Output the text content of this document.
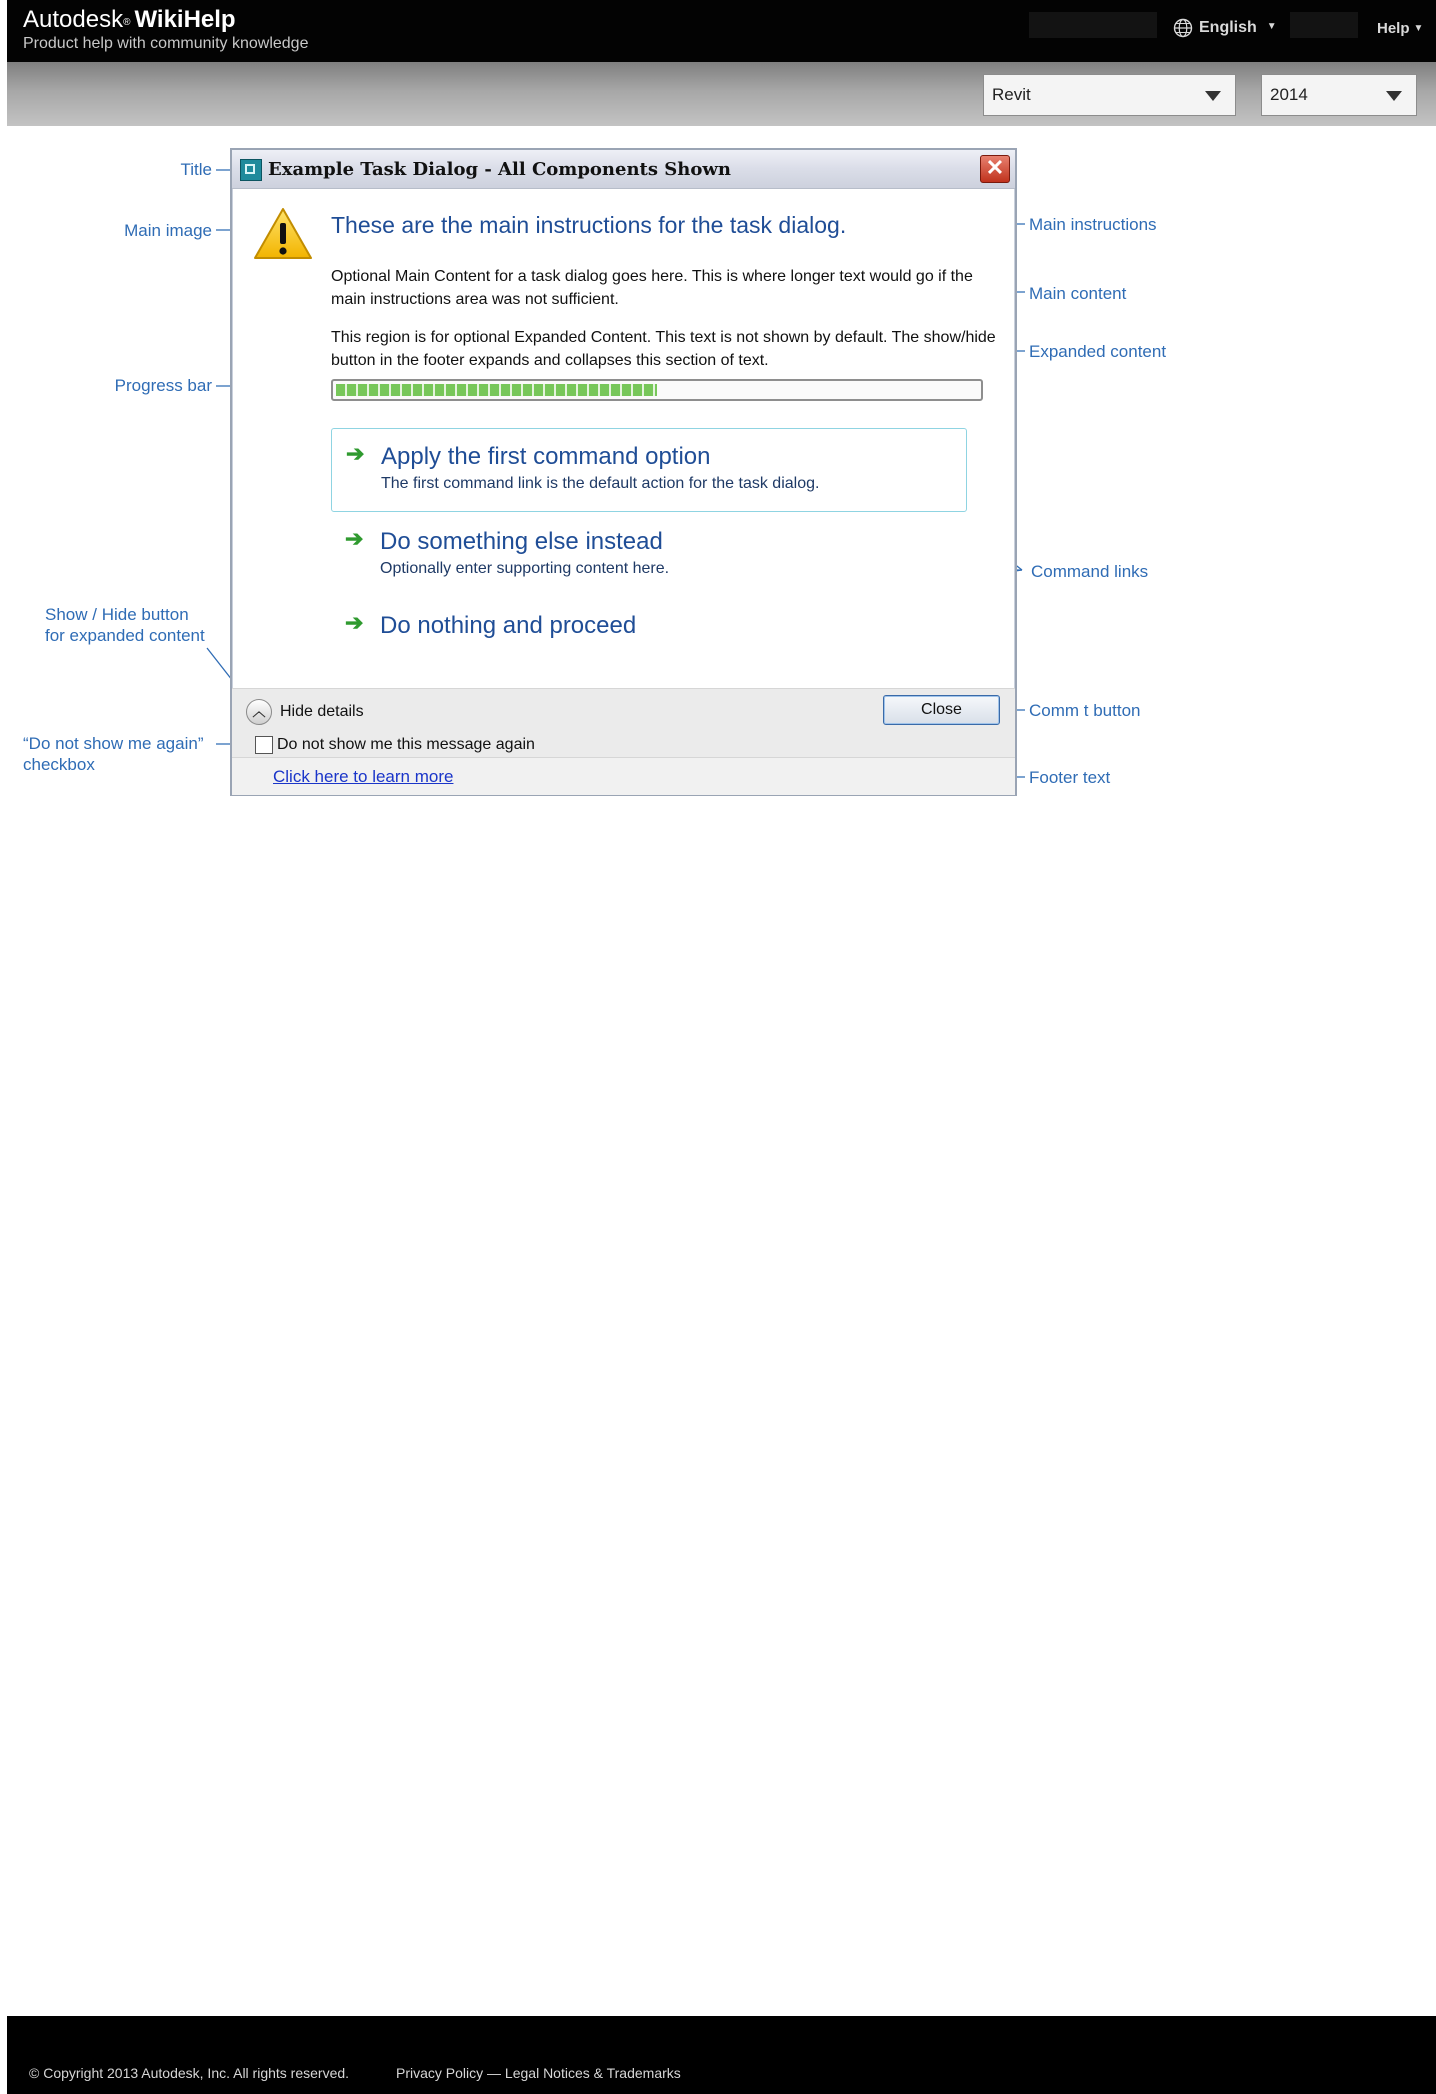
Autodesk® WikiHelp
Product help with community knowledge
English ▼	Help ▼
Revit	2014
Title
Main image
Progress bar
Show / Hide button
for expanded content
“Do not show me again”
checkbox
Main instructions
Main content
Expanded content
Command links
Comm t button
Footer text
Example Task Dialog - All Components Shown	✕
These are the main instructions for the task dialog.
Optional Main Content for a task dialog goes here. This is where longer text would go if the main instructions area was not sufficient.
This region is for optional Expanded Content. This text is not shown by default. The show/hide button in the footer expands and collapses this section of text.
➔ Apply the first command option
The first command link is the default action for the task dialog.
➔ Do something else instead
Optionally enter supporting content here.
➔ Do nothing and proceed
︿ Hide details	Close
Do not show me this message again
Click here to learn more
© Copyright 2013 Autodesk, Inc. All rights reserved.	Privacy Policy — Legal Notices & Trademarks
